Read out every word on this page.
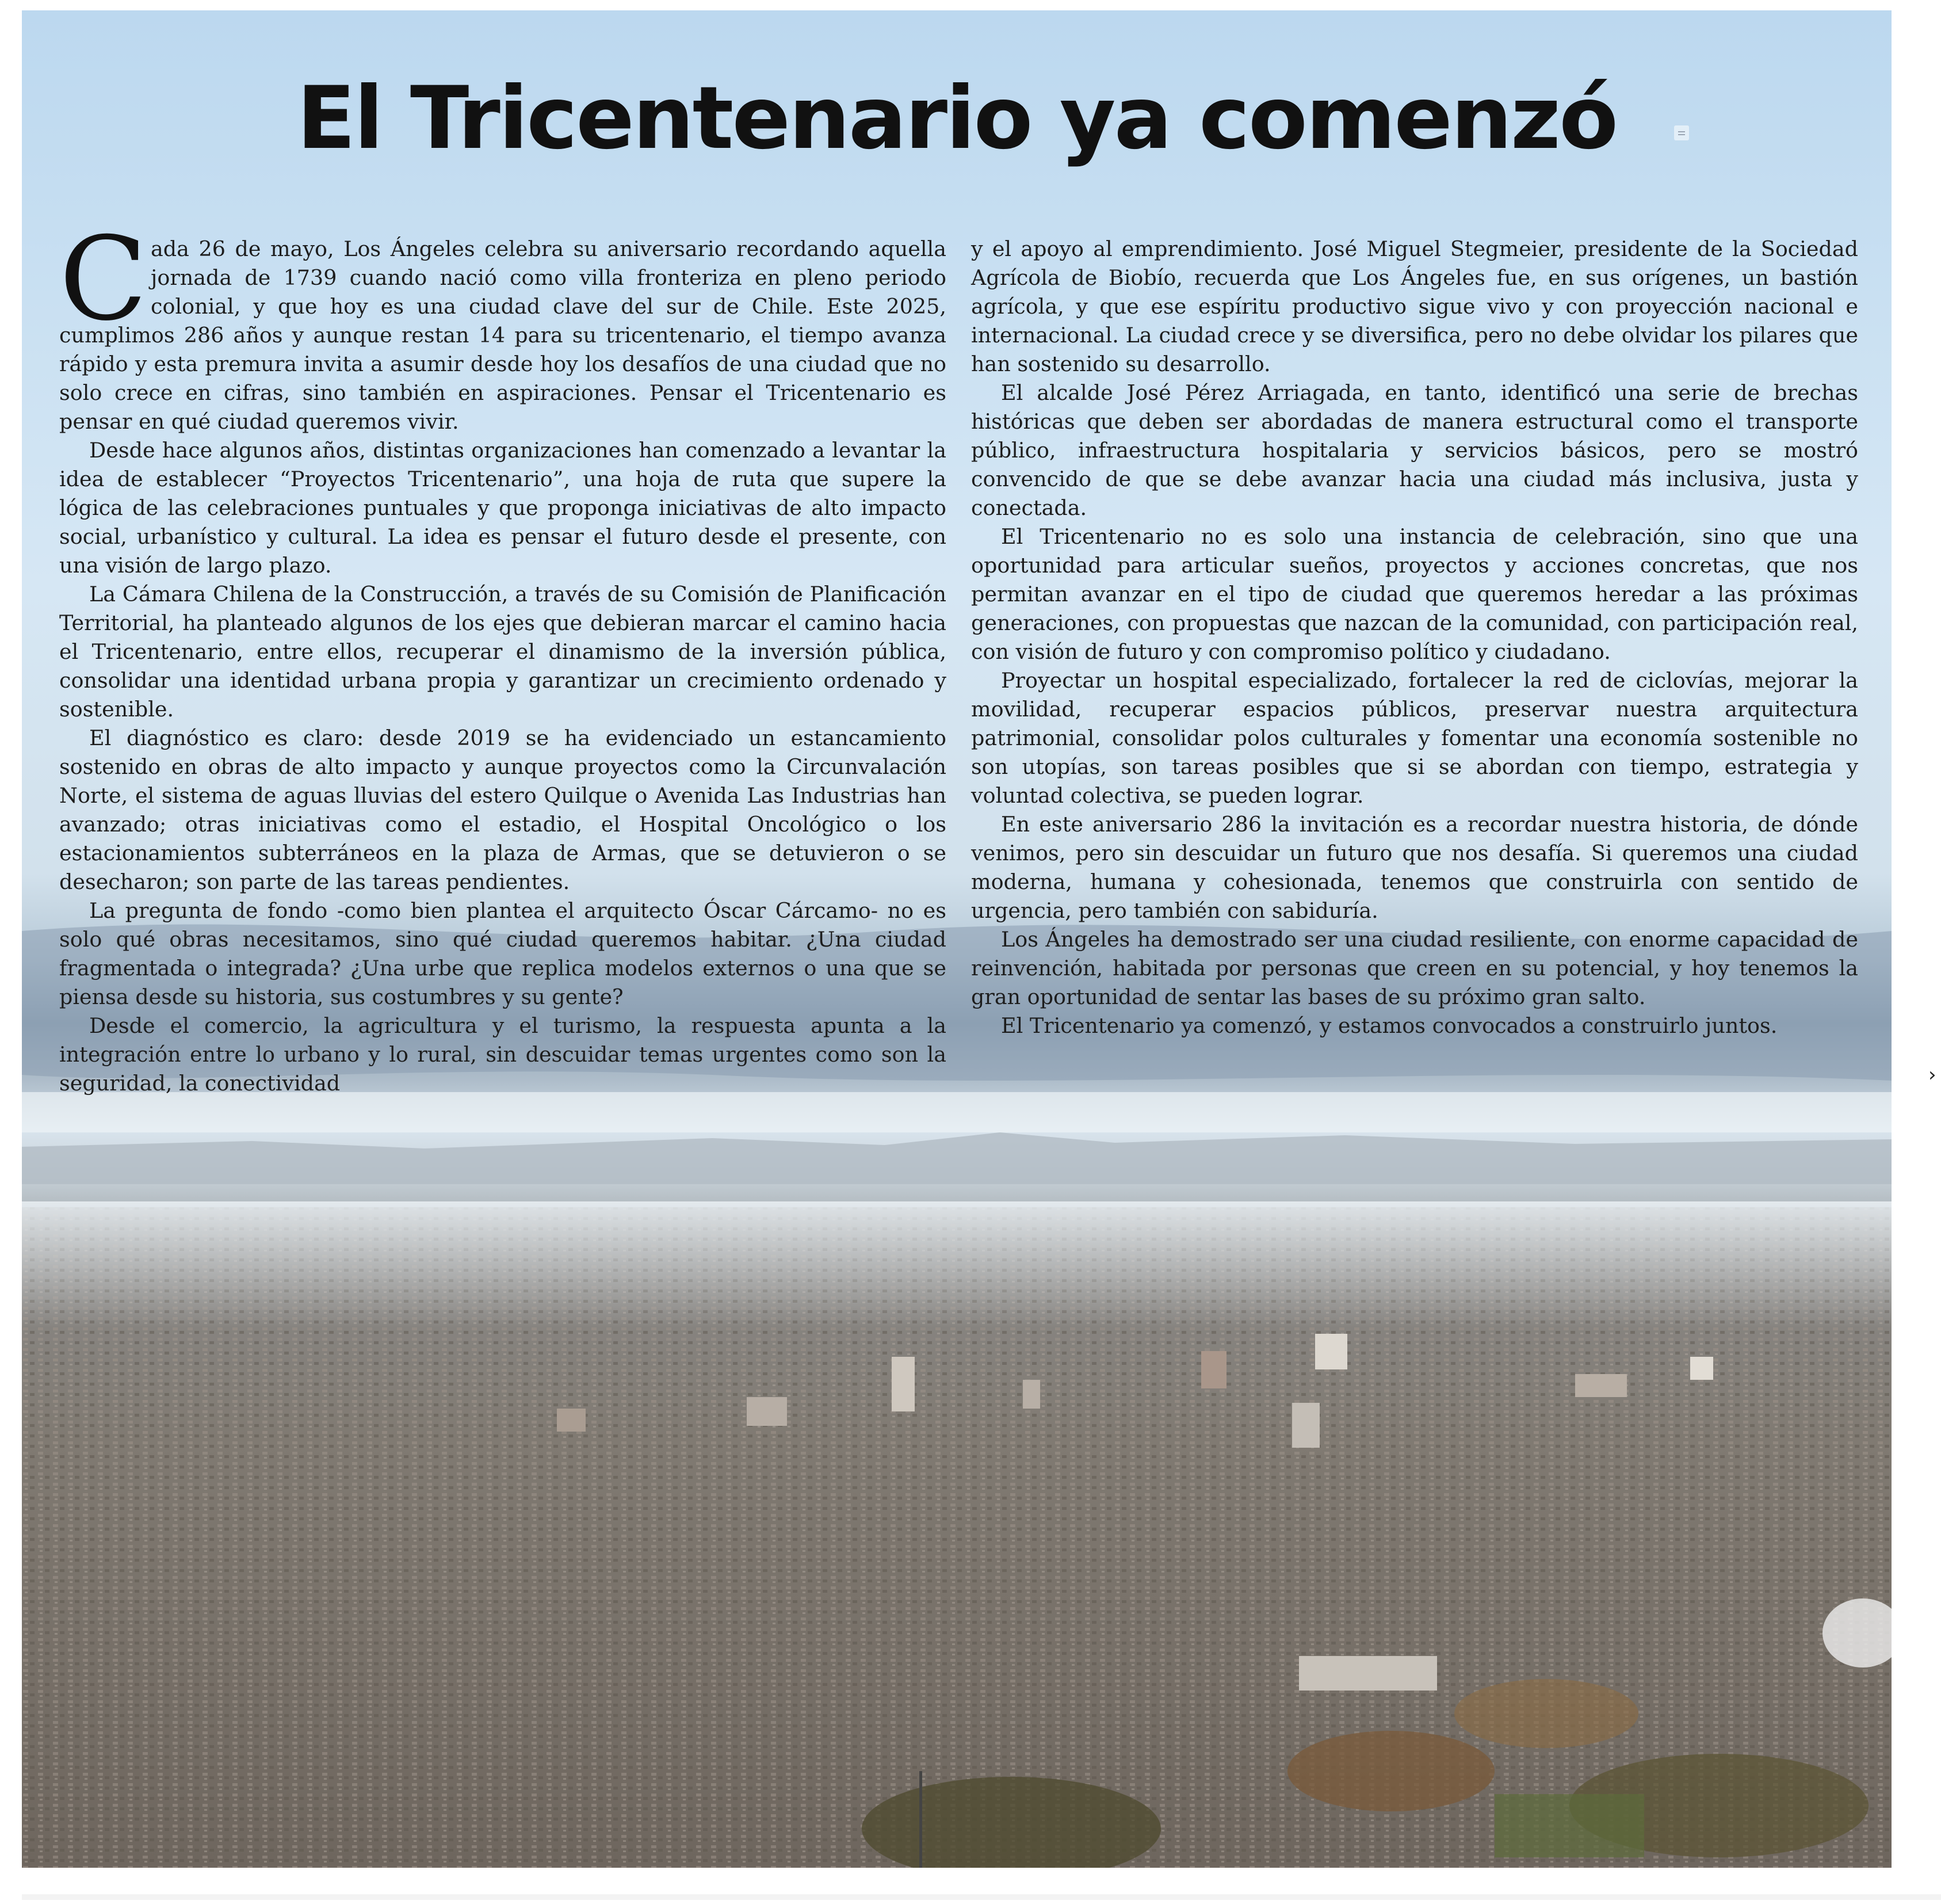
El Tricentenario ya comenzó

Cada 26 de mayo, Los Ángeles celebra su aniversario recordando aquella jornada de 1739 cuando nació como villa fronteriza en pleno periodo colonial, y que hoy es una ciudad clave del sur de Chile. Este 2025, cumplimos 286 años y aunque restan 14 para su tricentenario, el tiempo avanza rápido y esta premura invita a asumir desde hoy los desafíos de una ciudad que no solo crece en cifras, sino también en aspiraciones. Pensar el Tricentenario es pensar en qué ciudad queremos vivir.

Desde hace algunos años, distintas organizaciones han comenzado a levantar la idea de establecer “Proyectos Tricentenario”, una hoja de ruta que supere la lógica de las celebraciones puntuales y que proponga iniciativas de alto impacto social, urbanístico y cultural. La idea es pensar el futuro desde el presente, con una visión de largo plazo.

La Cámara Chilena de la Construcción, a través de su Comisión de Planificación Territorial, ha planteado algunos de los ejes que debieran marcar el camino hacia el Tricentenario, entre ellos, recuperar el dinamismo de la inversión pública, consolidar una identidad urbana propia y garantizar un crecimiento ordenado y sostenible.

El diagnóstico es claro: desde 2019 se ha evidenciado un estancamiento sostenido en obras de alto impacto y aunque proyectos como la Circunvalación Norte, el sistema de aguas lluvias del estero Quilque o Avenida Las Industrias han avanzado; otras iniciativas como el estadio, el Hospital Oncológico o los estacionamientos subterráneos en la plaza de Armas, que se detuvieron o se desecharon; son parte de las tareas pendientes.

La pregunta de fondo -como bien plantea el arquitecto Óscar Cárcamo- no es solo qué obras necesitamos, sino qué ciudad queremos habitar. ¿Una ciudad fragmentada o integrada? ¿Una urbe que replica modelos externos o una que se piensa desde su historia, sus costumbres y su gente?

Desde el comercio, la agricultura y el turismo, la respuesta apunta a la integración entre lo urbano y lo rural, sin descuidar temas urgentes como son la seguridad, la conectividad

y el apoyo al emprendimiento. José Miguel Stegmeier, presidente de la Sociedad Agrícola de Biobío, recuerda que Los Ángeles fue, en sus orígenes, un bastión agrícola, y que ese espíritu productivo sigue vivo y con proyección nacional e internacional. La ciudad crece y se diversifica, pero no debe olvidar los pilares que han sostenido su desarrollo.

El alcalde José Pérez Arriagada, en tanto, identificó una serie de brechas históricas que deben ser abordadas de manera estructural como el transporte público, infraestructura hospitalaria y servicios básicos, pero se mostró convencido de que se debe avanzar hacia una ciudad más inclusiva, justa y conectada.

El Tricentenario no es solo una instancia de celebración, sino que una oportunidad para articular sueños, proyectos y acciones concretas, que nos permitan avanzar en el tipo de ciudad que queremos heredar a las próximas generaciones, con propuestas que nazcan de la comunidad, con participación real, con visión de futuro y con compromiso político y ciudadano.

Proyectar un hospital especializado, fortalecer la red de ciclovías, mejorar la movilidad, recuperar espacios públicos, preservar nuestra arquitectura patrimonial, consolidar polos culturales y fomentar una economía sostenible no son utopías, son tareas posibles que si se abordan con tiempo, estrategia y voluntad colectiva, se pueden lograr.

En este aniversario 286 la invitación es a recordar nuestra historia, de dónde venimos, pero sin descuidar un futuro que nos desafía. Si queremos una ciudad moderna, humana y cohesionada, tenemos que construirla con sentido de urgencia, pero también con sabiduría.

Los Ángeles ha demostrado ser una ciudad resiliente, con enorme capacidad de reinvención, habitada por personas que creen en su potencial, y hoy tenemos la gran oportunidad de sentar las bases de su próximo gran salto.

El Tricentenario ya comenzó, y estamos convocados a construirlo juntos.

›
